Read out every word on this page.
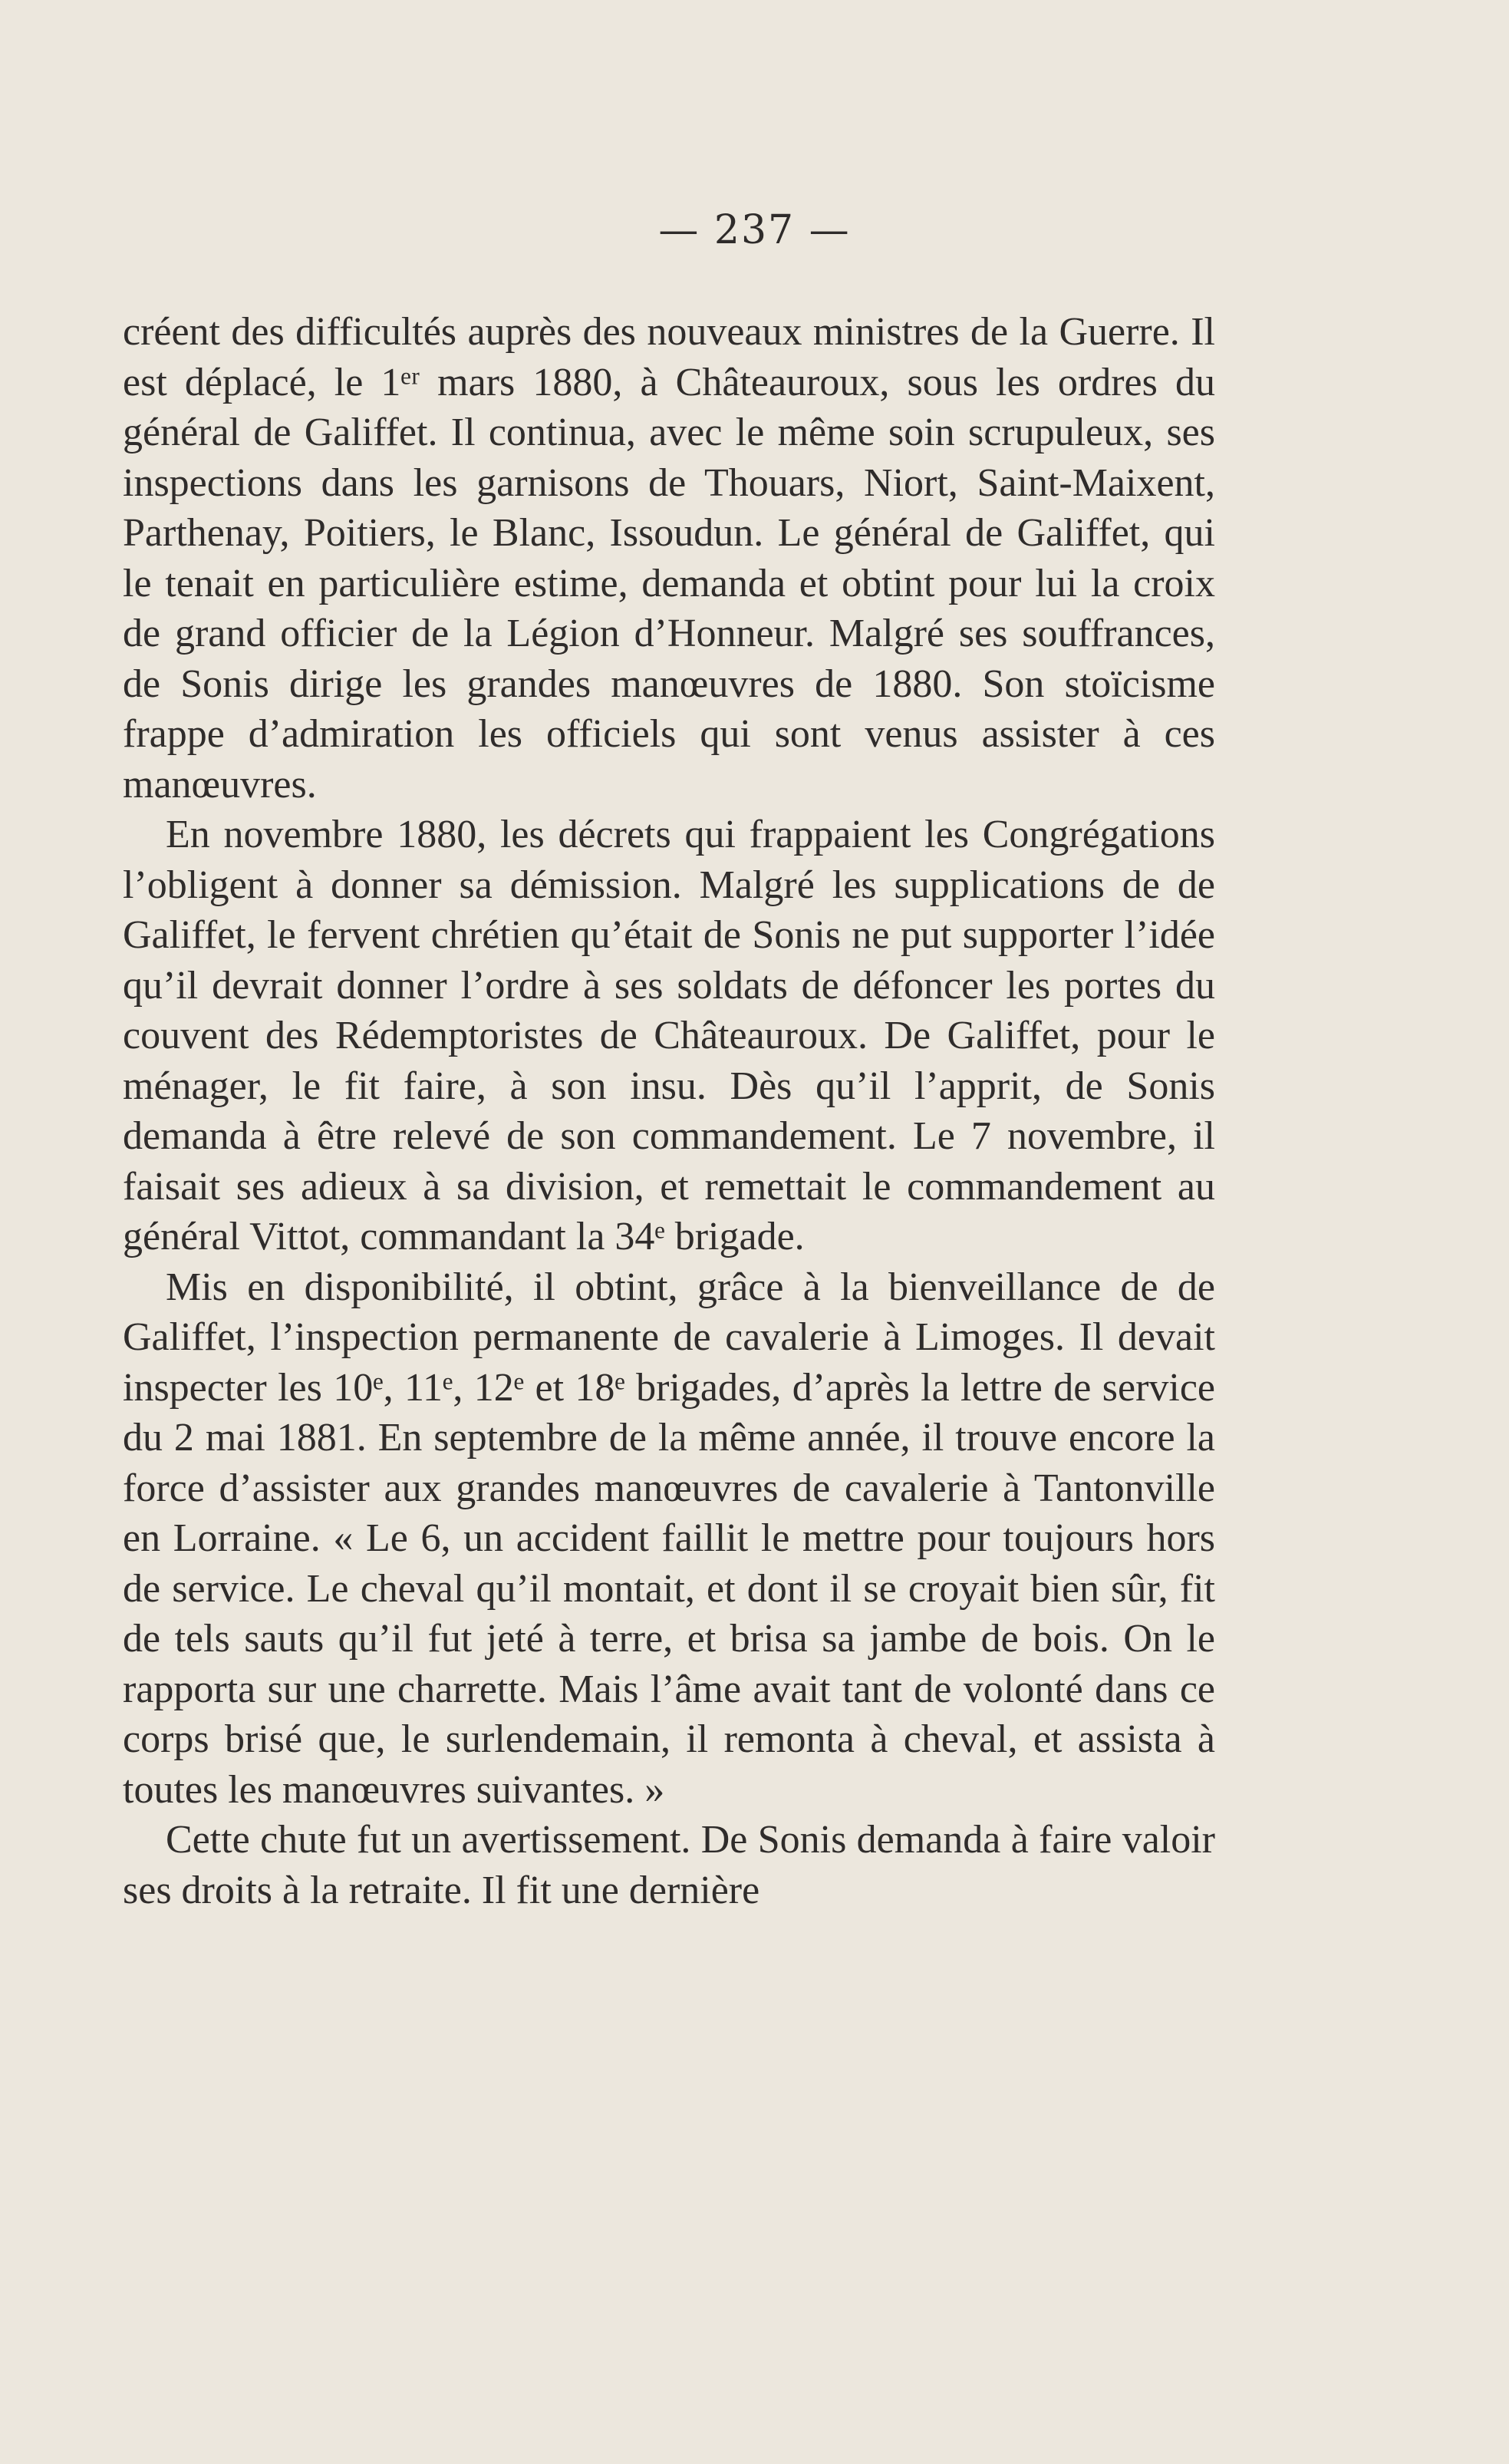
— 237 —

créent des difficultés auprès des nouveaux ministres de la Guerre. Il est déplacé, le 1ᵉʳ mars 1880, à Châteauroux, sous les ordres du général de Galiffet. Il continua, avec le même soin scrupuleux, ses inspections dans les garnisons de Thouars, Niort, Saint-Maixent, Parthenay, Poitiers, le Blanc, Issoudun. Le général de Galiffet, qui le tenait en particulière estime, demanda et obtint pour lui la croix de grand officier de la Légion d’Honneur. Malgré ses souffrances, de Sonis dirige les grandes manœuvres de 1880. Son stoïcisme frappe d’admiration les officiels qui sont venus assister à ces manœuvres.

En novembre 1880, les décrets qui frappaient les Congrégations l’obligent à donner sa démission. Malgré les supplications de de Galiffet, le fervent chrétien qu’était de Sonis ne put supporter l’idée qu’il devrait donner l’ordre à ses soldats de défoncer les portes du couvent des Rédemptoristes de Châteauroux. De Galiffet, pour le ménager, le fit faire, à son insu. Dès qu’il l’apprit, de Sonis demanda à être relevé de son commandement. Le 7 novembre, il faisait ses adieux à sa division, et remettait le commandement au général Vittot, commandant la 34ᵉ brigade.

Mis en disponibilité, il obtint, grâce à la bienveillance de de Galiffet, l’inspection permanente de cavalerie à Limoges. Il devait inspecter les 10ᵉ, 11ᵉ, 12ᵉ et 18ᵉ brigades, d’après la lettre de service du 2 mai 1881. En septembre de la même année, il trouve encore la force d’assister aux grandes manœuvres de cavalerie à Tantonville en Lorraine. « Le 6, un accident faillit le mettre pour toujours hors de service. Le cheval qu’il montait, et dont il se croyait bien sûr, fit de tels sauts qu’il fut jeté à terre, et brisa sa jambe de bois. On le rapporta sur une charrette. Mais l’âme avait tant de volonté dans ce corps brisé que, le surlendemain, il remonta à cheval, et assista à toutes les manœuvres suivantes. »

Cette chute fut un avertissement. De Sonis demanda à faire valoir ses droits à la retraite. Il fit une dernière
